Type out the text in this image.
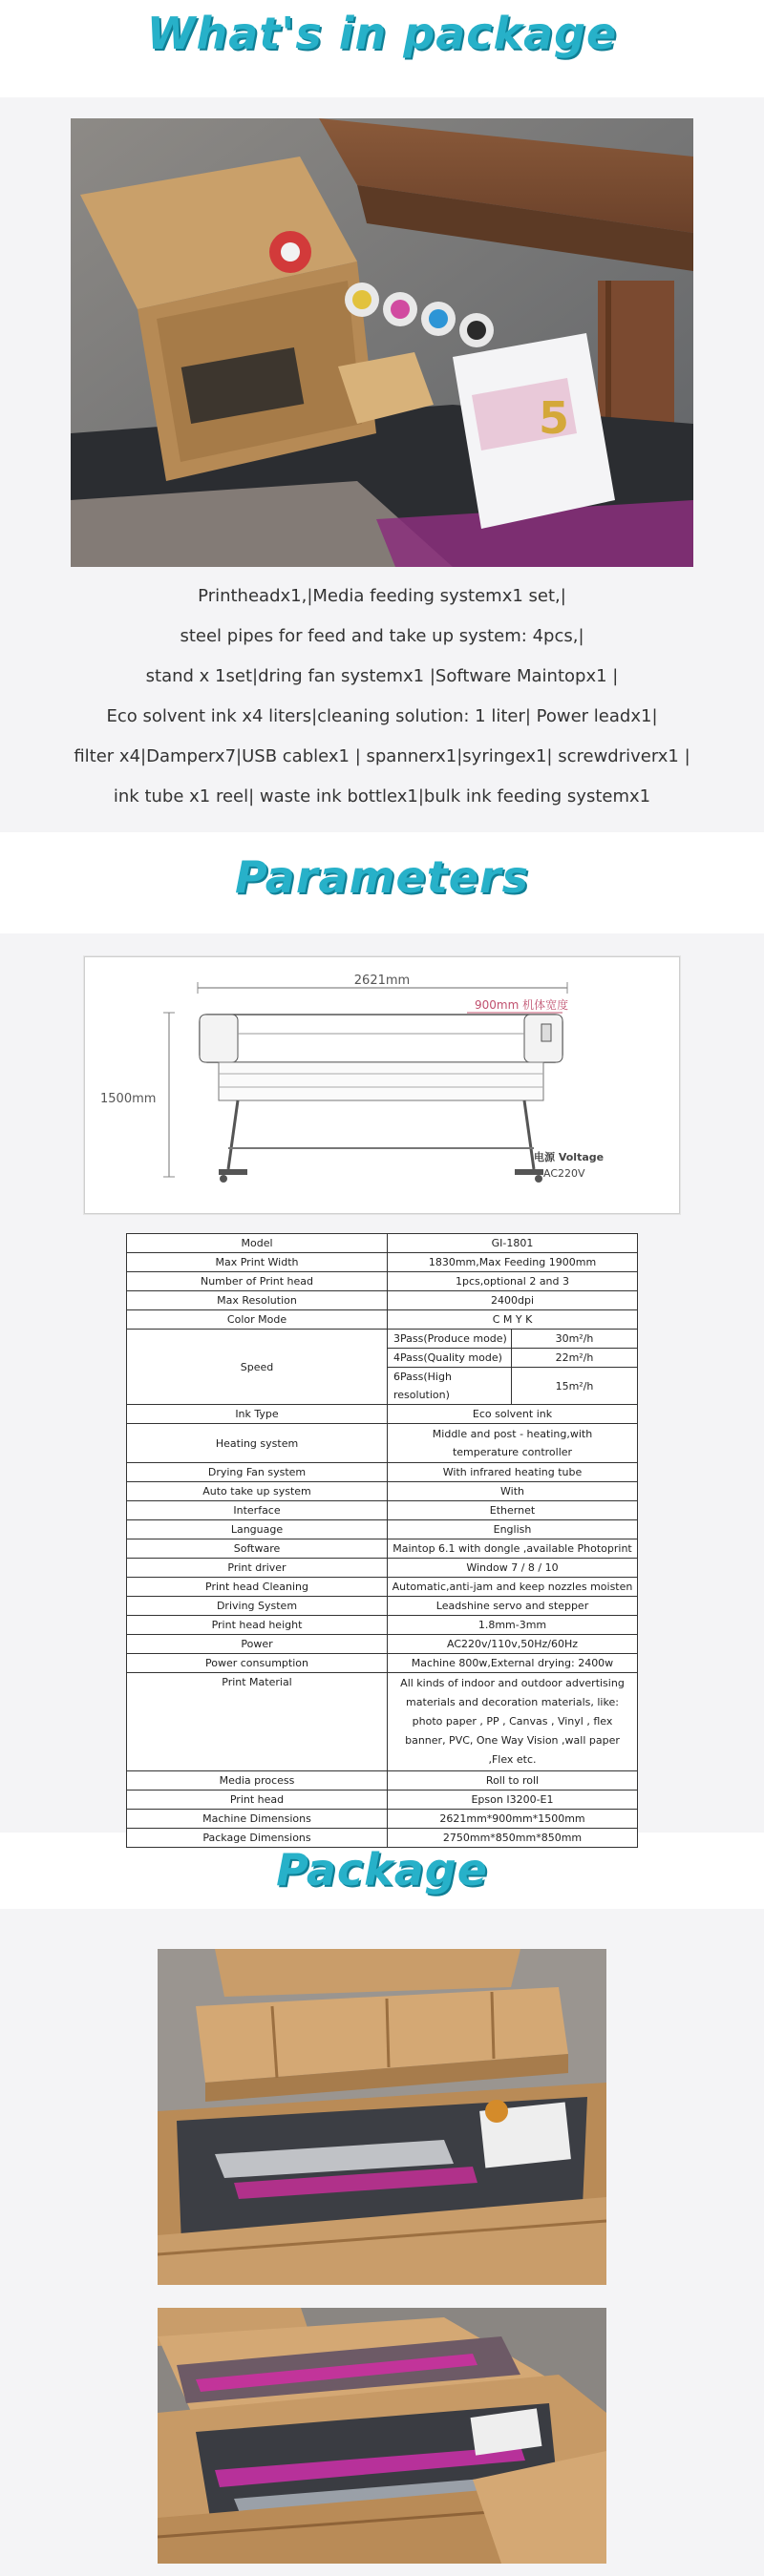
What's in package
5
Printheadx1,|Media feeding systemx1 set,|
steel pipes for feed and take up system: 4pcs,|
stand x 1set|dring fan systemx1 |Software Maintopx1 |
Eco solvent ink x4 liters|cleaning solution: 1 liter| Power leadx1|
filter x4|Damperx7|USB cablex1 | spannerx1|syringex1| screwdriverx1 |
ink tube x1 reel| waste ink bottlex1|bulk ink feeding systemx1
Parameters
2621mm
900mm 机体宽度
1500mm
电源 Voltage
AC220V
Model	GI-1801	
Max Print Width	1830mm,Max Feeding 1900mm	
Number of Print head	1pcs,optional 2 and 3	
Max Resolution	2400dpi	
Color Mode	C M Y K	
Speed	3Pass(Produce mode)	30m²/h
	4Pass(Quality mode)	22m²/h
	6Pass(High resolution)	15m²/h
Ink Type	Eco solvent ink	
Heating system	Middle and post - heating,with temperature controller	
Drying Fan system	With infrared heating tube	
Auto take up system	With	
Interface	Ethernet	
Language	English	
Software	Maintop 6.1 with dongle ,available Photoprint	
Print driver	Window 7 / 8 / 10	
Print head Cleaning	Automatic,anti-jam and keep nozzles moisten	
Driving System	Leadshine servo and stepper	
Print head height	1.8mm-3mm	
Power	AC220v/110v,50Hz/60Hz	
Power consumption	Machine 800w,External drying: 2400w	
Print Material	All kinds of indoor and outdoor advertising materials and decoration materials, like: photo paper , PP , Canvas , Vinyl , flex banner, PVC, One Way Vision ,wall paper ,Flex etc.	
Media process	Roll to roll	
Print head	Epson I3200-E1	
Machine Dimensions	2621mm*900mm*1500mm	
Package Dimensions	2750mm*850mm*850mm	
Package
